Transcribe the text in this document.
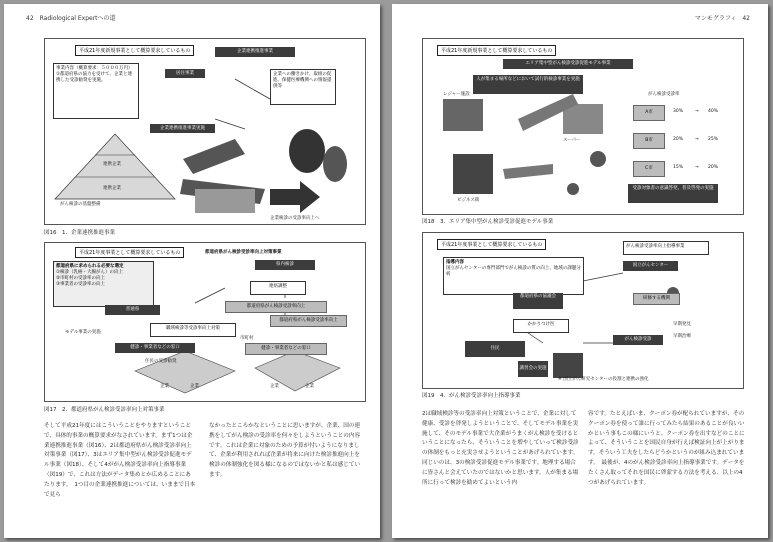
42　Radiological Expertへの道
平成21年度新規事業として概算要求しているもの	企業連携推進事業
事業内容（概算要求：５０００万円）
①都道府県の協力を受けて、企業と連携した受診勧奨を実施。
居住事業	企業への働きかけ、取組の促進、保健医療機関への情報提供等
企業連携推進事業実施
がん検診の基盤整備
連携企業
連携企業
企業検診の受診率向上へ
図16　1．企業連携推進事業
平成21年度事業として概算要求しているもの	都道府県がん検診受診率向上対策事業
都道府県に求められる必要な選定
①検診（乳癌・大腸がん）の向上
②市町村の受診率の向上
③事業者の受診率の向上
県内検診
連絡調整
都道府県がん検診受診率向上
都道府県がん検診受診率向上
普通県
モデル事業の実施
職域検診等受診率向上対策
市町村
健診・事業者などの窓口	健診・事業者などの窓口
住民の受診勧奨
企業	企業	企業	企業
図17　2．都道府県がん検診受診率向上対策事業

そして平成21年度にはこういうことをやりますということで、具体的事業の概算要求がなされています。まず1つは企業連携推進事業（図16）、2は都道府県がん検診受診率向上対策事業（図17）、3はエリア集中型がん検診受診促進モデル事業（図18）、そして4ががん検診受診率向上指導事業（図19）で、これは方法がデータ集めとか広めることにあたります。　1つ目の企業連携推進については、いままで日本で見ら

なかったところかなということに思いますが、企業、国の連携をしてがん検診の受診率を何々をしようということの内容です。これは企業に対象のための予算が付いようになりまして、企業が利用されれば企業が将来に向けた検診推進向上を検診の体制強化を図る様になるのではないかと私は感じています。

マンモグラフィ　42
平成21年度新規事業として概算要求しているもの
エリア集中型がん検診受診促進モデル事業
人が集まる場所などにおいて試行的検診事業を実施
レジャー施設
スーパー
ビジネス街
がん検診受診率
A市	30%	→ 40%
B市	20%	→ 25%
C市	15%	→ 20%
受診対象者の意識啓発、普及啓発の実施
図18　3．エリア集中型がん検診受診促進モデル事業
平成21年度事業として概算要求しているもの	がん検診受診率向上指導事業
指導内容
国立がんセンターの専門部門でがん検診の質の向上、地域の課題分析
国立がんセンター
研修する機関
都道府県の協議会
かかりつけ医
住民
がん検診受診
早期発見
早期治療
講習会の実施
※ 国立がん研究センターの役割と連携の強化
図19　4．がん検診受診率向上指導事業

2は職域検診等の受診率向上対策ということで、企業に対して健康、受診を啓発しようということで、そしてモデル事業を実施して、そのモデル事業で大企業がうまくがん検診を受けるということになったら、そういうことを増やしていって検診受診の体制をもっと充実させようということがあげられています。　同じいのは、3の検診受診促進モデル事業です。地理する場合に皆さんと会えていたのではないかと思います。人が集まる場所に行って検診を勧めてよいという内

容です。たとえばいま、クーポン券が配られていますが、そのクーポン券を使って誰に行ってみたら結果のあることが良いいかという事もこの様にいうと、クーポン券を出すなどのことによって、そういうことを国民自身が行えば検証向上が上がります。そういう工夫をしたらどうかというのが組み込まれています。　最後が、4のがん検診受診率向上指導事業です。データをたくさん取ってそれを国民に啓蒙する方法を考える、以上の4つがあげられています。
